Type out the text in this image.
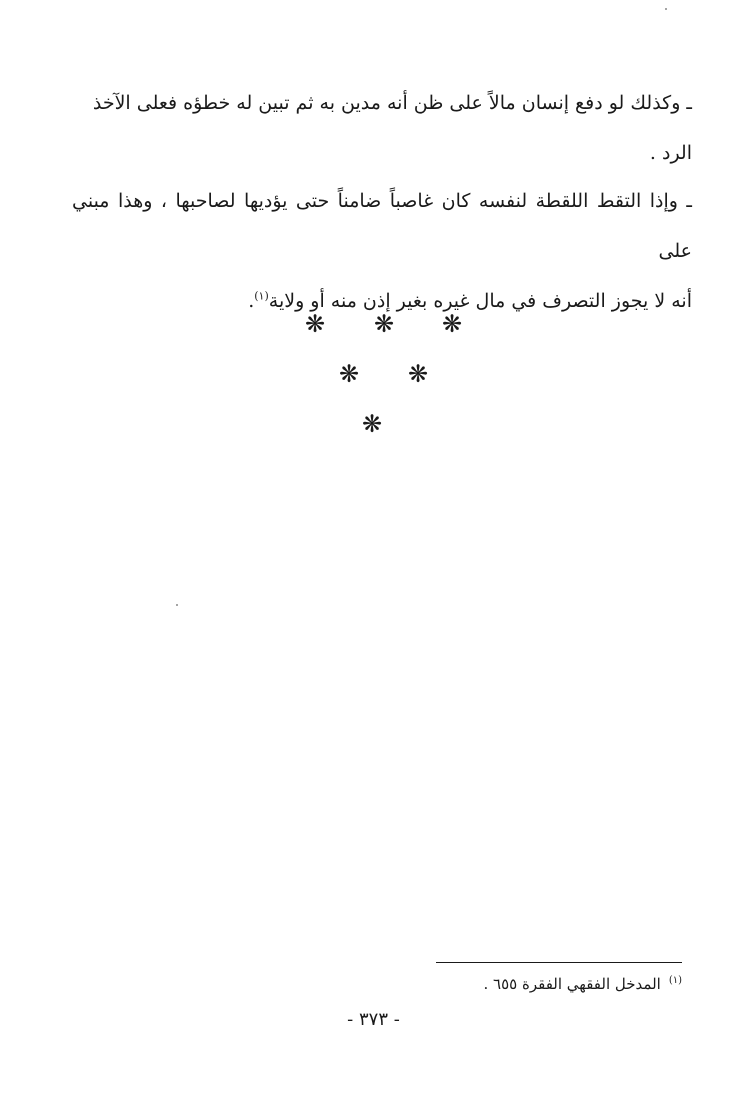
ـ وكذلك لو دفع إنسان مالاً على ظن أنه مدين به ثم تبين له خطؤه فعلى الآخذ
الرد .
ـ وإذا التقط اللقطة لنفسه كان غاصباً ضامناً حتى يؤديها لصاحبها ، وهذا مبني على
أنه لا يجوز التصرف في مال غيره بغير إذن منه أو ولاية$^{(١)}$.
❋ ❋ ❋
❋ ❋
❋
$^{(١)}$المدخل الفقهي الفقرة ٦٥٥ .
- ٣٧٣ -
